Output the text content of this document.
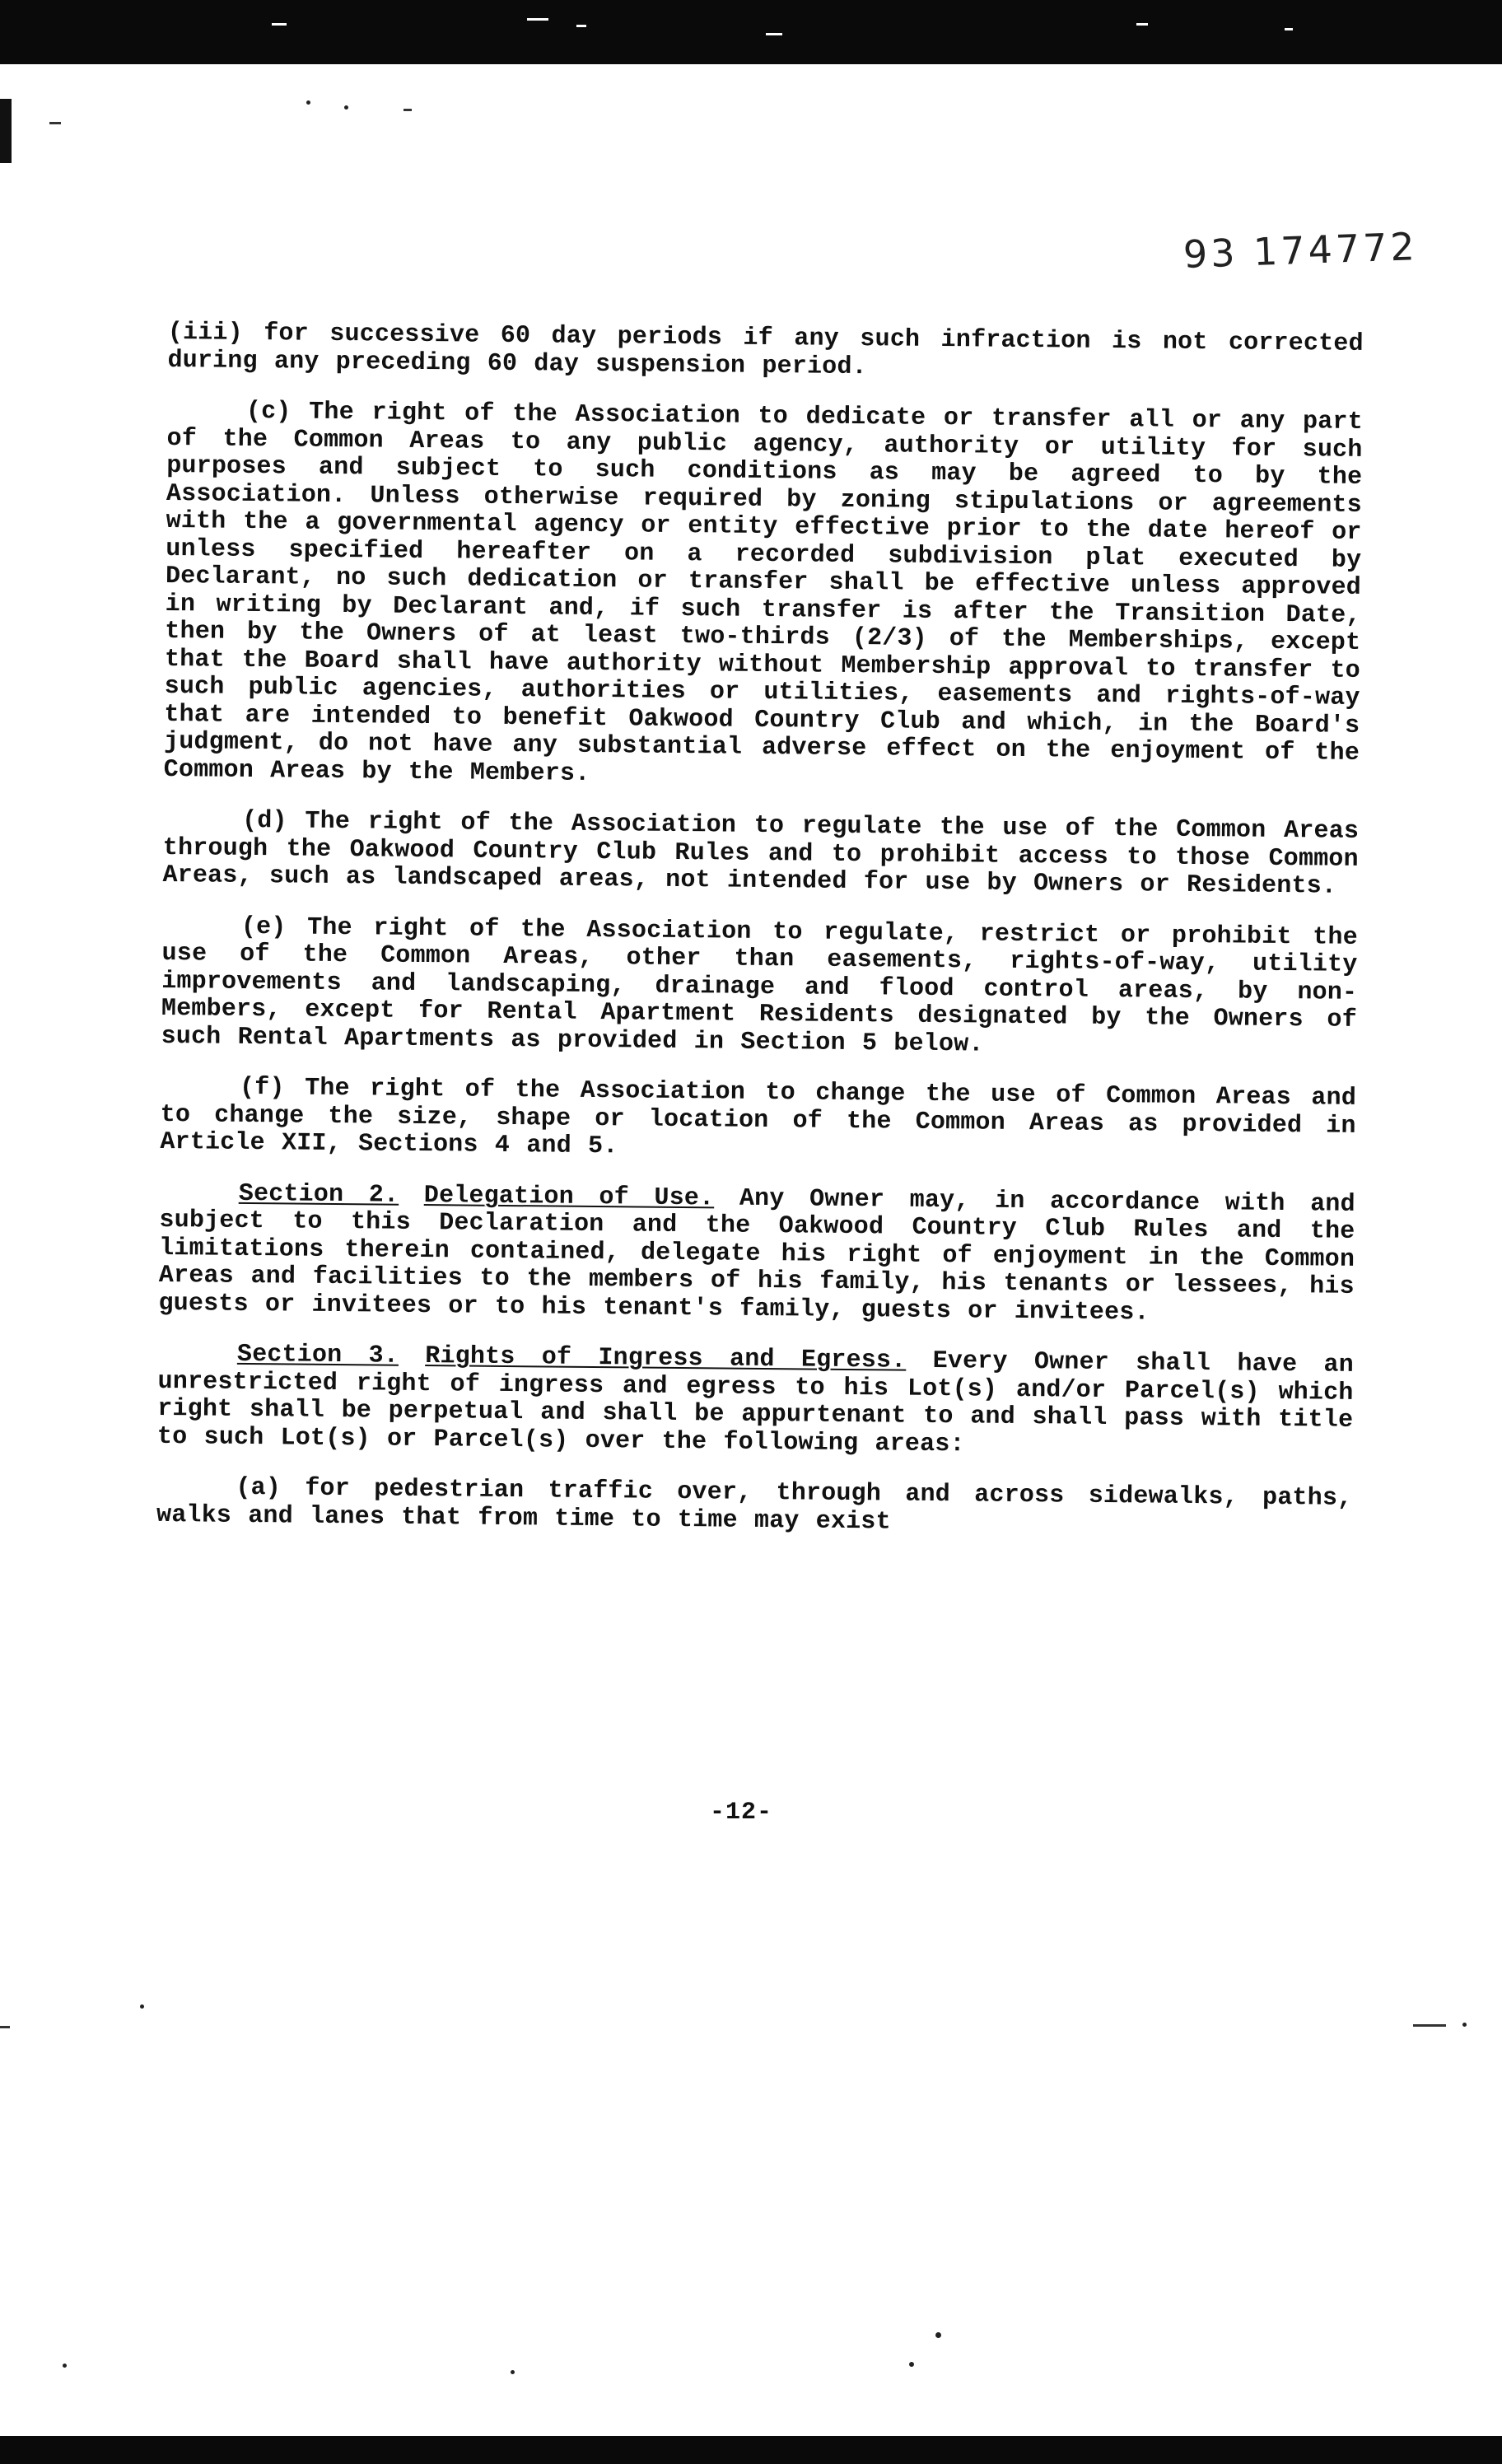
93 174772

(iii) for successive 60 day periods if any such infraction is not corrected during any preceding 60 day suspension period.

(c) The right of the Association to dedicate or transfer all or any part of the Common Areas to any public agency, authority or utility for such purposes and subject to such conditions as may be agreed to by the Association. Unless otherwise required by zoning stipulations or agreements with the a governmental agency or entity effective prior to the date hereof or unless specified hereafter on a recorded subdivision plat executed by Declarant, no such dedication or transfer shall be effective unless approved in writing by Declarant and, if such transfer is after the Transition Date, then by the Owners of at least two-thirds (2/3) of the Memberships, except that the Board shall have authority without Membership approval to transfer to such public agencies, authorities or utilities, easements and rights-of-way that are intended to benefit Oakwood Country Club and which, in the Board's judgment, do not have any substantial adverse effect on the enjoyment of the Common Areas by the Members.

(d) The right of the Association to regulate the use of the Common Areas through the Oakwood Country Club Rules and to prohibit access to those Common Areas, such as landscaped areas, not intended for use by Owners or Residents.

(e) The right of the Association to regulate, restrict or prohibit the use of the Common Areas, other than easements, rights-of-way, utility improvements and landscaping, drainage and flood control areas, by non-Members, except for Rental Apartment Residents designated by the Owners of such Rental Apartments as provided in Section 5 below.

(f) The right of the Association to change the use of Common Areas and to change the size, shape or location of the Common Areas as provided in Article XII, Sections 4 and 5.

Section 2. Delegation of Use. Any Owner may, in accordance with and subject to this Declaration and the Oakwood Country Club Rules and the limitations therein contained, delegate his right of enjoyment in the Common Areas and facilities to the members of his family, his tenants or lessees, his guests or invitees or to his tenant's family, guests or invitees.

Section 3. Rights of Ingress and Egress. Every Owner shall have an unrestricted right of ingress and egress to his Lot(s) and/or Parcel(s) which right shall be perpetual and shall be appurtenant to and shall pass with title to such Lot(s) or Parcel(s) over the following areas:

(a) for pedestrian traffic over, through and across sidewalks, paths, walks and lanes that from time to time may exist

-12-
